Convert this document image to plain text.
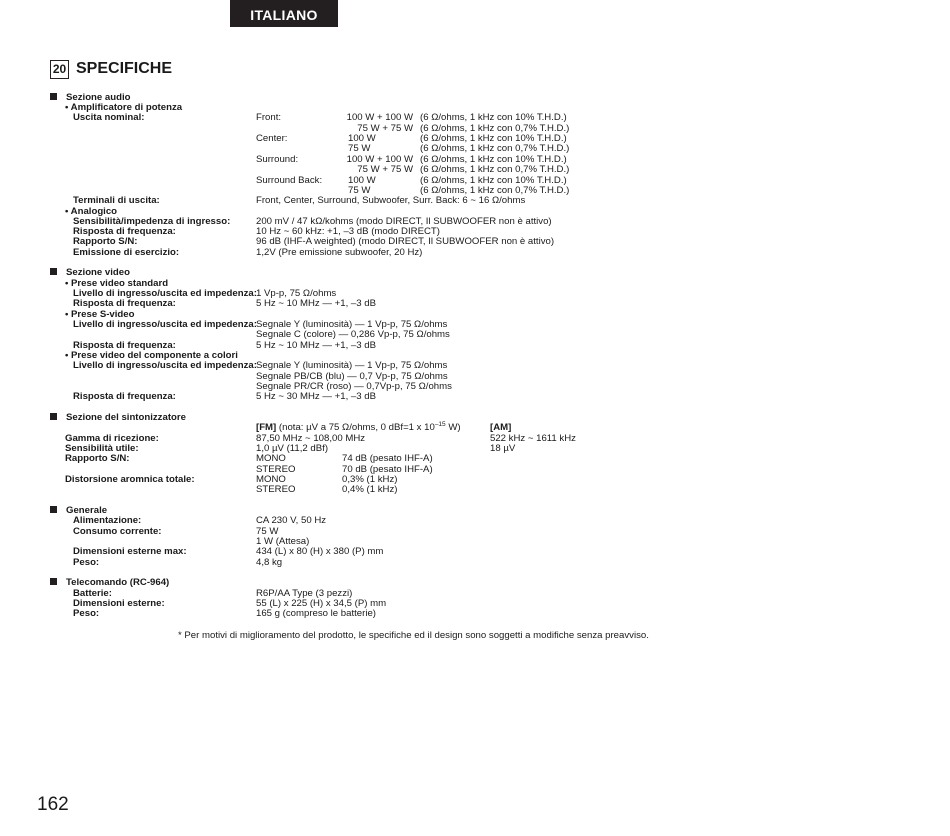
ITALIANO
20 SPECIFICHE
Sezione audio
• Amplificatore di potenza
Uscita nominal:	Front:	100 W + 100 W (6 Ω/ohms, 1 kHz con 10% T.H.D.)
75 W + 75 W (6 Ω/ohms, 1 kHz con 0,7% T.H.D.)
Center:	100 W	(6 Ω/ohms, 1 kHz con 10% T.H.D.)
75 W	(6 Ω/ohms, 1 kHz con 0,7% T.H.D.)
Surround:	100 W + 100 W (6 Ω/ohms, 1 kHz con 10% T.H.D.)
75 W + 75 W (6 Ω/ohms, 1 kHz con 0,7% T.H.D.)
Surround Back:	100 W	(6 Ω/ohms, 1 kHz con 10% T.H.D.)
75 W	(6 Ω/ohms, 1 kHz con 0,7% T.H.D.)
Terminali di uscita:	Front, Center, Surround, Subwoofer, Surr. Back: 6 ~ 16 Ω/ohms
• Analogico
Sensibilità/impedenza di ingresso:	200 mV / 47 kΩ/kohms (modo DIRECT, Il SUBWOOFER non è attivo)
Risposta di frequenza:	10 Hz ~ 60 kHz: +1, –3 dB (modo DIRECT)
Rapporto S/N:	96 dB (IHF-A weighted) (modo DIRECT, Il SUBWOOFER non è attivo)
Emissione di esercizio:	1,2V (Pre emissione subwoofer, 20 Hz)
Sezione video
• Prese video standard
Livello di ingresso/uscita ed impedenza: 1 Vp-p, 75 Ω/ohms
Risposta di frequenza:	5 Hz ~ 10 MHz — +1, –3 dB
• Prese S-video
Livello di ingresso/uscita ed impedenza: Segnale Y (luminosità) — 1 Vp-p, 75 Ω/ohms
Segnale C (colore) — 0,286 Vp-p, 75 Ω/ohms
Risposta di frequenza:	5 Hz ~ 10 MHz — +1, –3 dB
• Prese video del componente a colori
Livello di ingresso/uscita ed impedenza: Segnale Y (luminosità) — 1 Vp-p, 75 Ω/ohms
Segnale PB/CB (blu) — 0,7 Vp-p, 75 Ω/ohms
Segnale PR/CR (roso) — 0,7Vp-p, 75 Ω/ohms
Risposta di frequenza:	5 Hz ~ 30 MHz — +1, –3 dB
Sezione del sintonizzatore
[FM] (nota: µV a 75 Ω/ohms, 0 dBf=1 x $10^{-15}$ W)	[AM]
Gamma di ricezione:	87,50 MHz ~ 108,00 MHz	522 kHz ~ 1611 kHz
Sensibilità utile:	1,0 µV (11,2 dBf)	18 µV
Rapporto S/N:	MONO	74 dB (pesato IHF-A)
STEREO	70 dB (pesato IHF-A)
Distorsione aromnica totale:	MONO	0,3% (1 kHz)
STEREO	0,4% (1 kHz)
Generale
Alimentazione:	CA 230 V, 50 Hz
Consumo corrente:	75 W
1 W (Attesa)
Dimensioni esterne max:	434 (L) x 80 (H) x 380 (P) mm
Peso:	4,8 kg
Telecomando (RC-964)
Batterie:	R6P/AA Type (3 pezzi)
Dimensioni esterne:	55 (L) x 225 (H) x 34,5 (P) mm
Peso:	165 g (compreso le batterie)
* Per motivi di miglioramento del prodotto, le specifiche ed il design sono soggetti a modifiche senza preavviso.
162
